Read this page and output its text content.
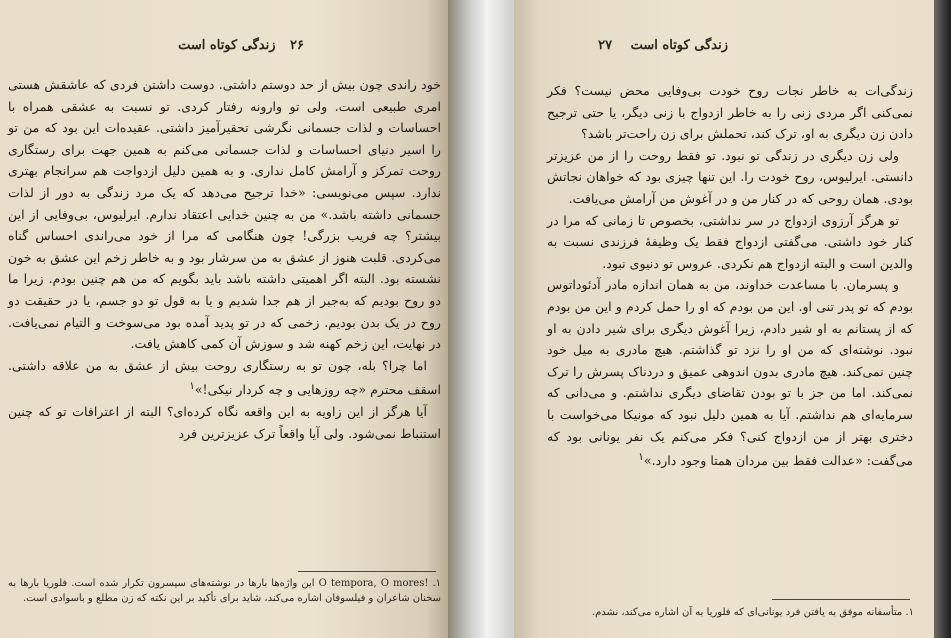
۲۶ زندگی کوتاه است

خود راندی چون بیش از حد دوستم داشتی. دوست داشتن فردی که عاشقش هستی امری طبیعی است. ولی تو وارونه رفتار کردی. تو نسبت به عشقی همراه با احساسات و لذات جسمانی نگرشی تحقیرآمیز داشتی. عقیده‌ات این بود که من تو را اسیر دنیای احساسات و لذات جسمانی می‌کنم به همین جهت برای رستگاری روحت تمرکز و آرامش کامل نداری. و به همین دلیل ازدواجت هم سرانجام بهتری ندارد. سپس می‌نویسی: «خدا ترجیح می‌دهد که یک مرد زندگی به دور از لذات جسمانی داشته باشد.» من به چنین خدایی اعتقاد ندارم. ایرلیوس، بی‌وفایی از این بیشتر؟ چه فریب بزرگی! چون هنگامی که مرا از خود می‌راندی احساس گناه می‌کردی. قلبت هنوز از عشق به من سرشار بود و به خاطر زخم این عشق به خون نشسته بود. البته اگر اهمیتی داشته باشد باید بگویم که من هم چنین بودم. زیرا ما دو روح بودیم که به‌جبر از هم جدا شدیم و یا به قول تو دو جسم، یا در حقیقت دو روح در یک بدن بودیم. زخمی که در تو پدید آمده بود می‌سوخت و التیام نمی‌یافت. در نهایت، این زخم کهنه شد و سوزش آن کمی کاهش یافت.

اما چرا؟ بله، چون تو به رستگاری روحت بیش از عشق به من علاقه داشتی. اسقف محترم «چه روزهایی و چه کردار نیکی!»$^۱$

آیا هرگز از این زاویه به این واقعه نگاه کرده‌ای؟ البته از اعترافات تو که چنین استنباط نمی‌شود. ولی آیا واقعاً ترک عزیزترین فرد

۱. O tempora, O mores! این واژه‌ها بارها در نوشته‌های سیسرون تکرار شده است. فلوریا بارها به سخنان شاعران و فیلسوفان اشاره می‌کند، شاید برای تأکید بر این نکته که زن مطلع و باسوادی است.
زندگی کوتاه است ۲۷

زندگی‌ات به خاطر نجات روح خودت بی‌وفایی محض نیست؟ فکر نمی‌کنی اگر مردی زنی را به خاطر ازدواج با زنی دیگر، یا حتی ترجیح دادن زن دیگری به او، ترک کند، تحملش برای زن راحت‌تر باشد؟

ولی زن دیگری در زندگی تو نبود. تو فقط روحت را از من عزیزتر دانستی. ایرلیوس، روح خودت را. این تنها چیزی بود که خواهان نجاتش بودی. همان روحی که در کنار من و در آغوش من آرامش می‌یافت.

تو هرگز آرزوی ازدواج در سر نداشتی، بخصوص تا زمانی که مرا در کنار خود داشتی. می‌گفتی ازدواج فقط یک وظیفهٔ فرزندی نسبت به والدین است و البته ازدواج هم نکردی. عروس تو دنیوی نبود.

و پسرمان. با مساعدت خداوند، من به همان اندازه مادر آدئوداتوس بودم که تو پدر تنی او. این من بودم که او را حمل کردم و این من بودم که از پستانم به او شیر دادم، زیرا آغوش دیگری برای شیر دادن به او نبود. نوشته‌ای که من او را نزد تو گذاشتم. هیچ مادری به میل خود چنین نمی‌کند. هیچ مادری بدون اندوهی عمیق و دردناک پسرش را ترک نمی‌کند. اما من جز با تو بودن تقاضای دیگری نداشتم. و می‌دانی که سرمایه‌ای هم نداشتم. آیا به همین دلیل نبود که مونیکا می‌خواست با دختری بهتر از من ازدواج کنی؟ فکر می‌کنم یک نفر یونانی بود که می‌گفت: «عدالت فقط بین مردان همتا وجود دارد.»$^۱$

۱. متأسفانه موفق به یافتن فرد یونانی‌ای که فلوریا به آن اشاره می‌کند، نشدم.
